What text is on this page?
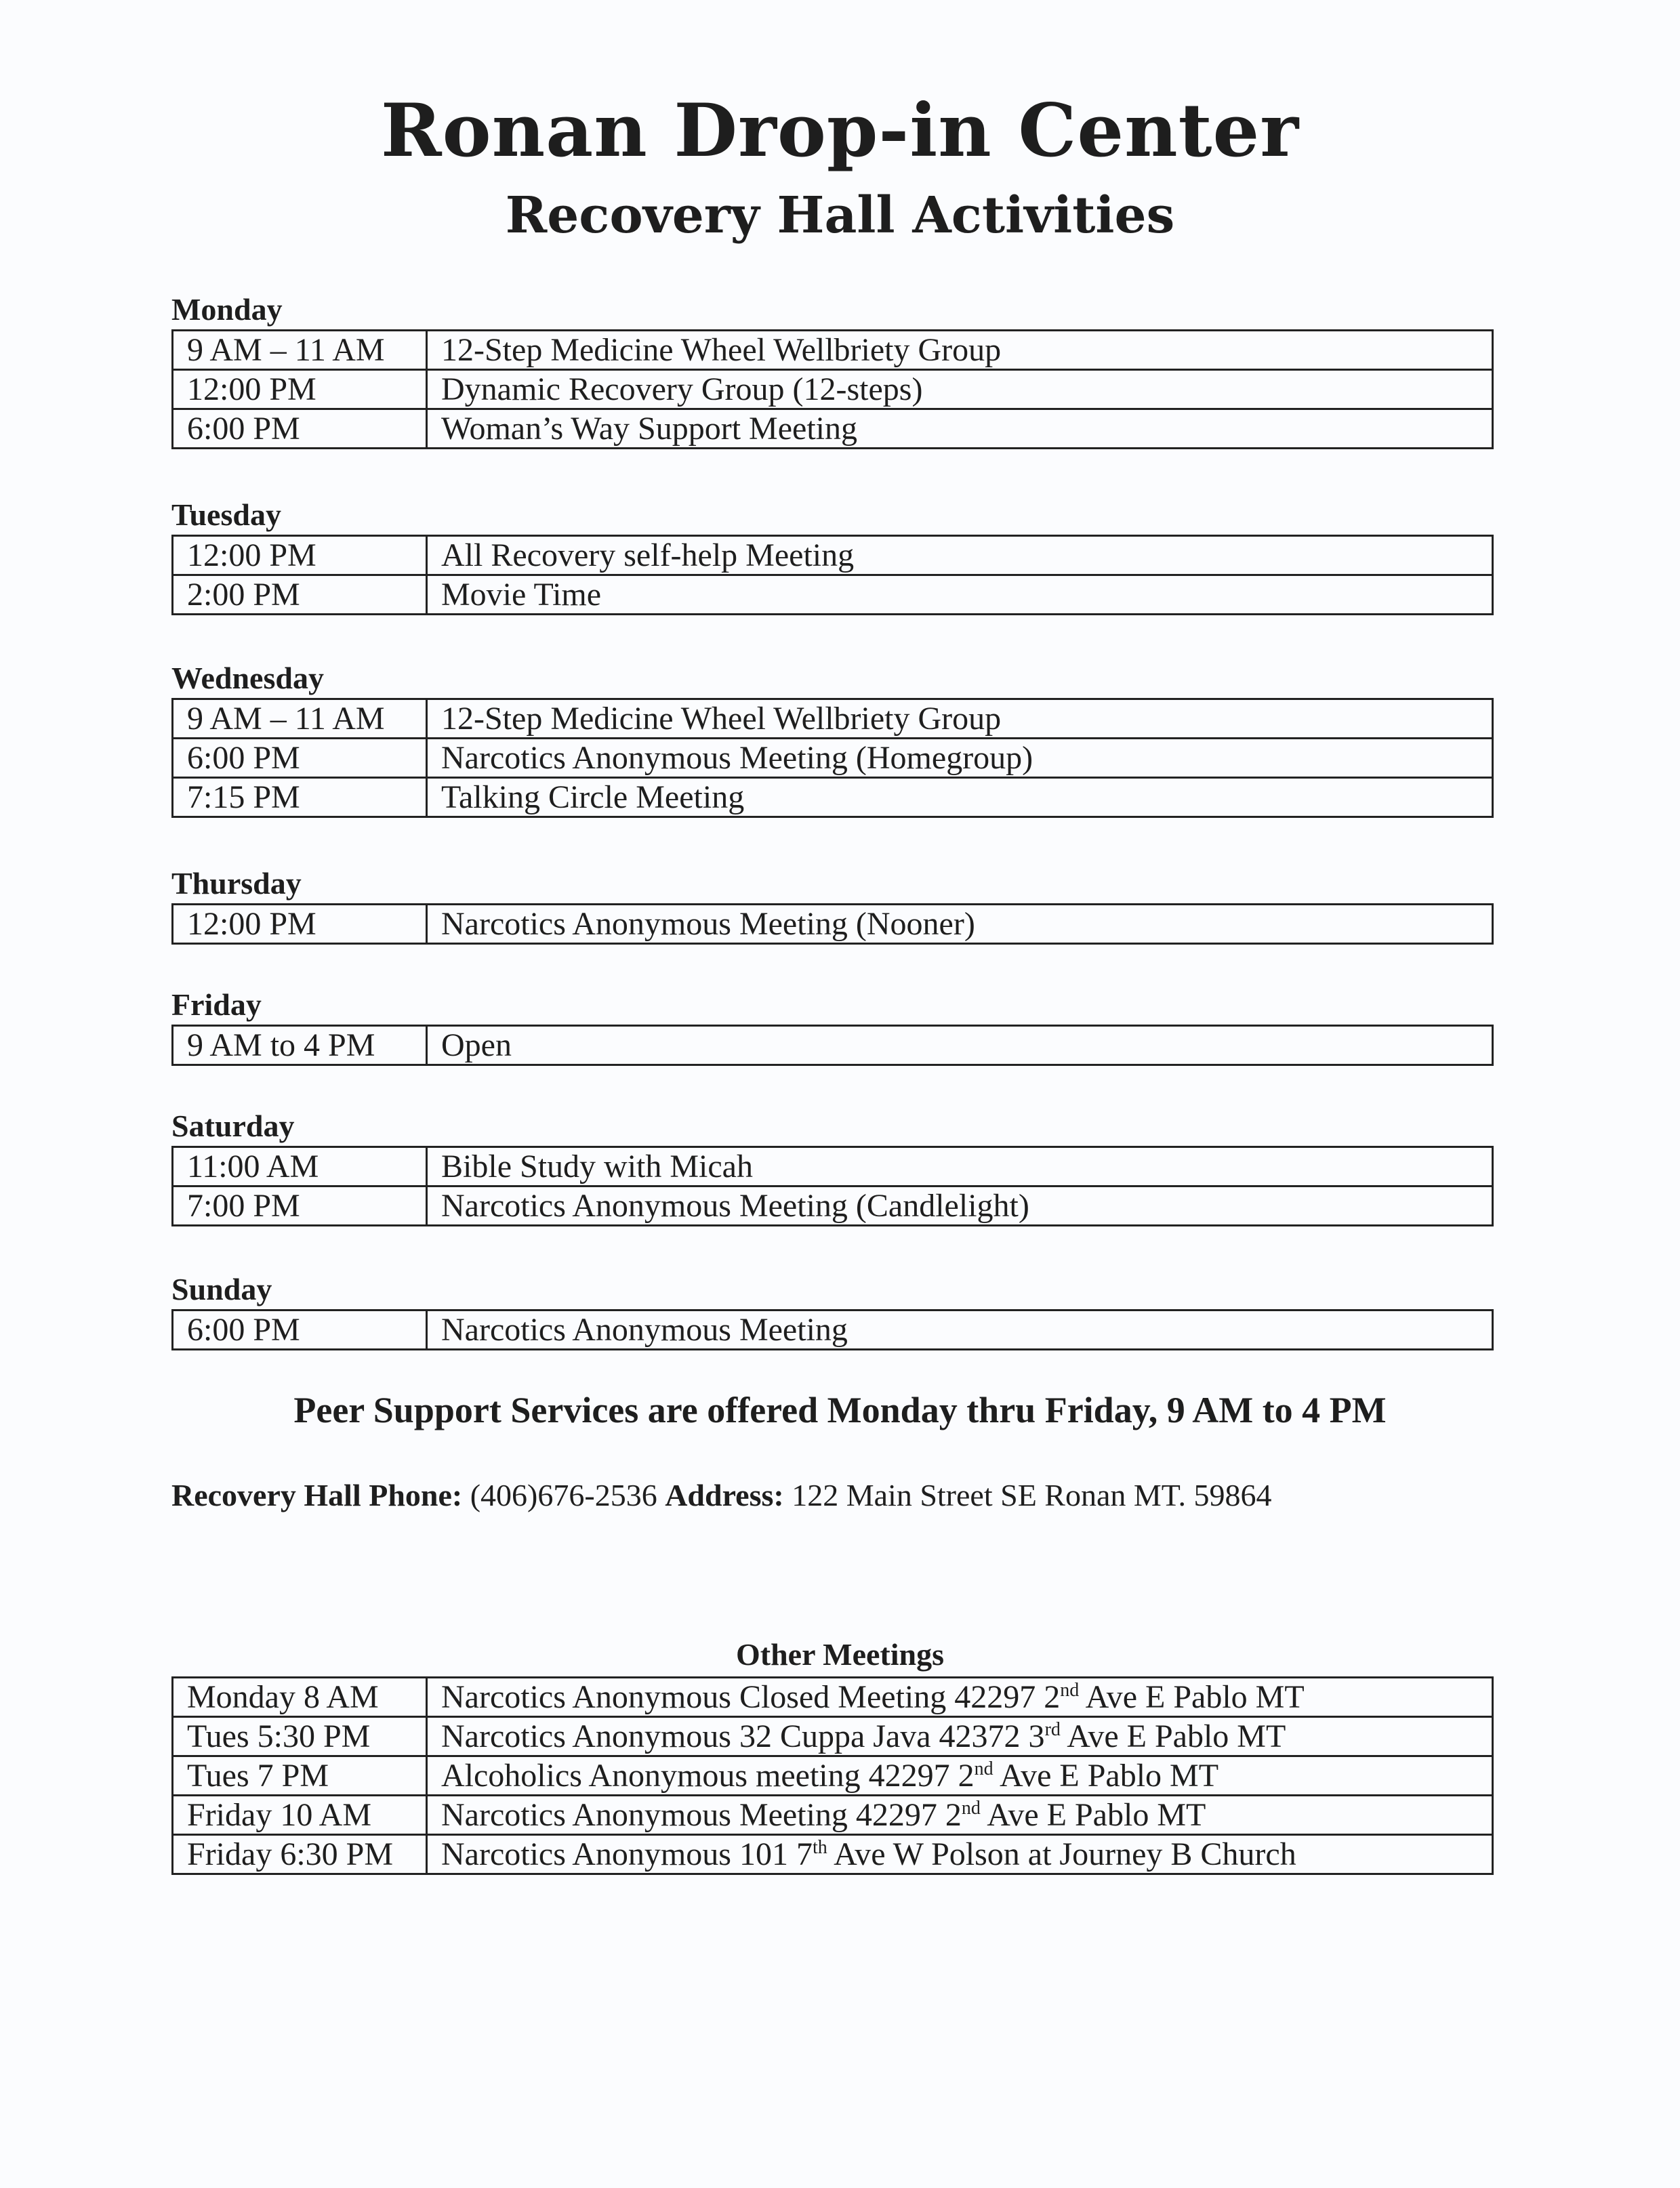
Ronan Drop-in Center
Recovery Hall Activities
Monday
9 AM – 11 AM	12-Step Medicine Wheel Wellbriety Group
12:00 PM	Dynamic Recovery Group (12-steps)
6:00 PM	Woman’s Way Support Meeting
Tuesday
12:00 PM	All Recovery self-help Meeting
2:00 PM	Movie Time
Wednesday
9 AM – 11 AM	12-Step Medicine Wheel Wellbriety Group
6:00 PM	Narcotics Anonymous Meeting (Homegroup)
7:15 PM	Talking Circle Meeting
Thursday
12:00 PM	Narcotics Anonymous Meeting (Nooner)
Friday
9 AM to 4 PM	Open
Saturday
11:00 AM	Bible Study with Micah
7:00 PM	Narcotics Anonymous Meeting (Candlelight)
Sunday
6:00 PM	Narcotics Anonymous Meeting
Peer Support Services are offered Monday thru Friday, 9 AM to 4 PM
Recovery Hall Phone: (406)676-2536 Address: 122 Main Street SE Ronan MT. 59864
Other Meetings
Monday 8 AM	Narcotics Anonymous Closed Meeting 42297 2nd Ave E Pablo MT
Tues 5:30 PM	Narcotics Anonymous 32 Cuppa Java 42372 3rd Ave E Pablo MT
Tues 7 PM	Alcoholics Anonymous meeting 42297 2nd Ave E Pablo MT
Friday 10 AM	Narcotics Anonymous Meeting 42297 2nd Ave E Pablo MT
Friday 6:30 PM	Narcotics Anonymous 101 7th Ave W Polson at Journey B Church
